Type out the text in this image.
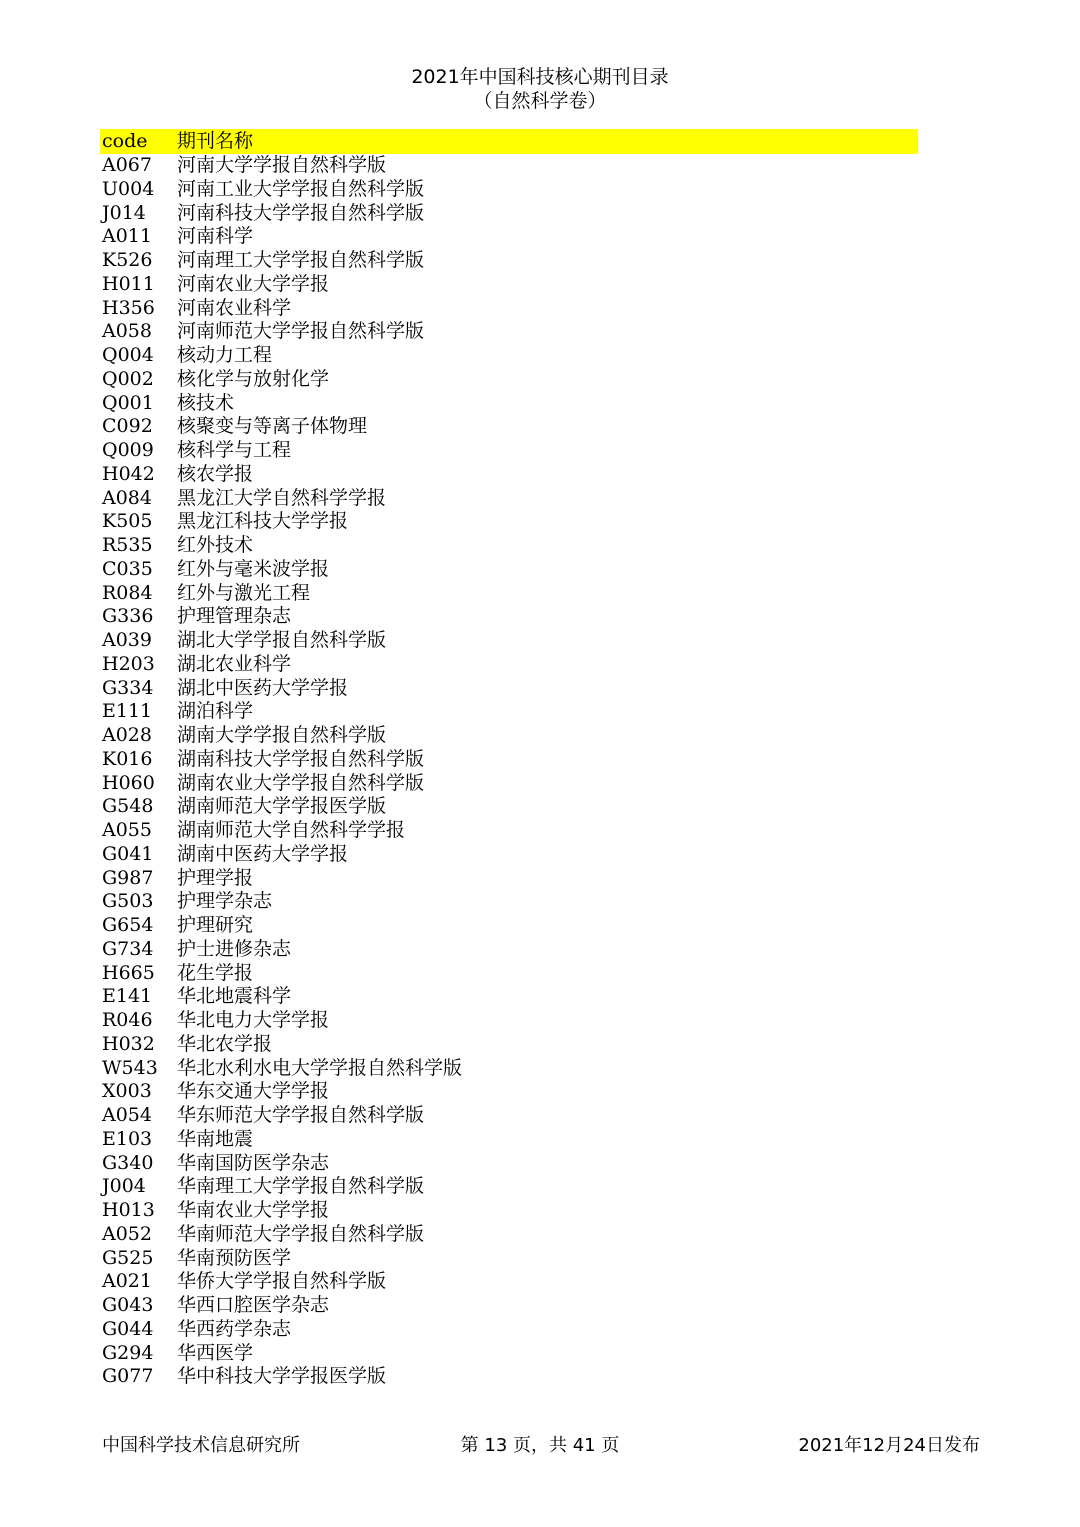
2021年中国科技核心期刊目录
（自然科学卷）
code 期刊名称
A067 河南大学学报自然科学版
U004 河南工业大学学报自然科学版
J014 河南科技大学学报自然科学版
A011 河南科学
K526 河南理工大学学报自然科学版
H011 河南农业大学学报
H356 河南农业科学
A058 河南师范大学学报自然科学版
Q004 核动力工程
Q002 核化学与放射化学
Q001 核技术
C092 核聚变与等离子体物理
Q009 核科学与工程
H042 核农学报
A084 黑龙江大学自然科学学报
K505 黑龙江科技大学学报
R535 红外技术
C035 红外与毫米波学报
R084 红外与激光工程
G336 护理管理杂志
A039 湖北大学学报自然科学版
H203 湖北农业科学
G334 湖北中医药大学学报
E111 湖泊科学
A028 湖南大学学报自然科学版
K016 湖南科技大学学报自然科学版
H060 湖南农业大学学报自然科学版
G548 湖南师范大学学报医学版
A055 湖南师范大学自然科学学报
G041 湖南中医药大学学报
G987 护理学报
G503 护理学杂志
G654 护理研究
G734 护士进修杂志
H665 花生学报
E141 华北地震科学
R046 华北电力大学学报
H032 华北农学报
W543 华北水利水电大学学报自然科学版
X003 华东交通大学学报
A054 华东师范大学学报自然科学版
E103 华南地震
G340 华南国防医学杂志
J004 华南理工大学学报自然科学版
H013 华南农业大学学报
A052 华南师范大学学报自然科学版
G525 华南预防医学
A021 华侨大学学报自然科学版
G043 华西口腔医学杂志
G044 华西药学杂志
G294 华西医学
G077 华中科技大学学报医学版
中国科学技术信息研究所	第 13 页，共 41 页	2021年12月24日发布
